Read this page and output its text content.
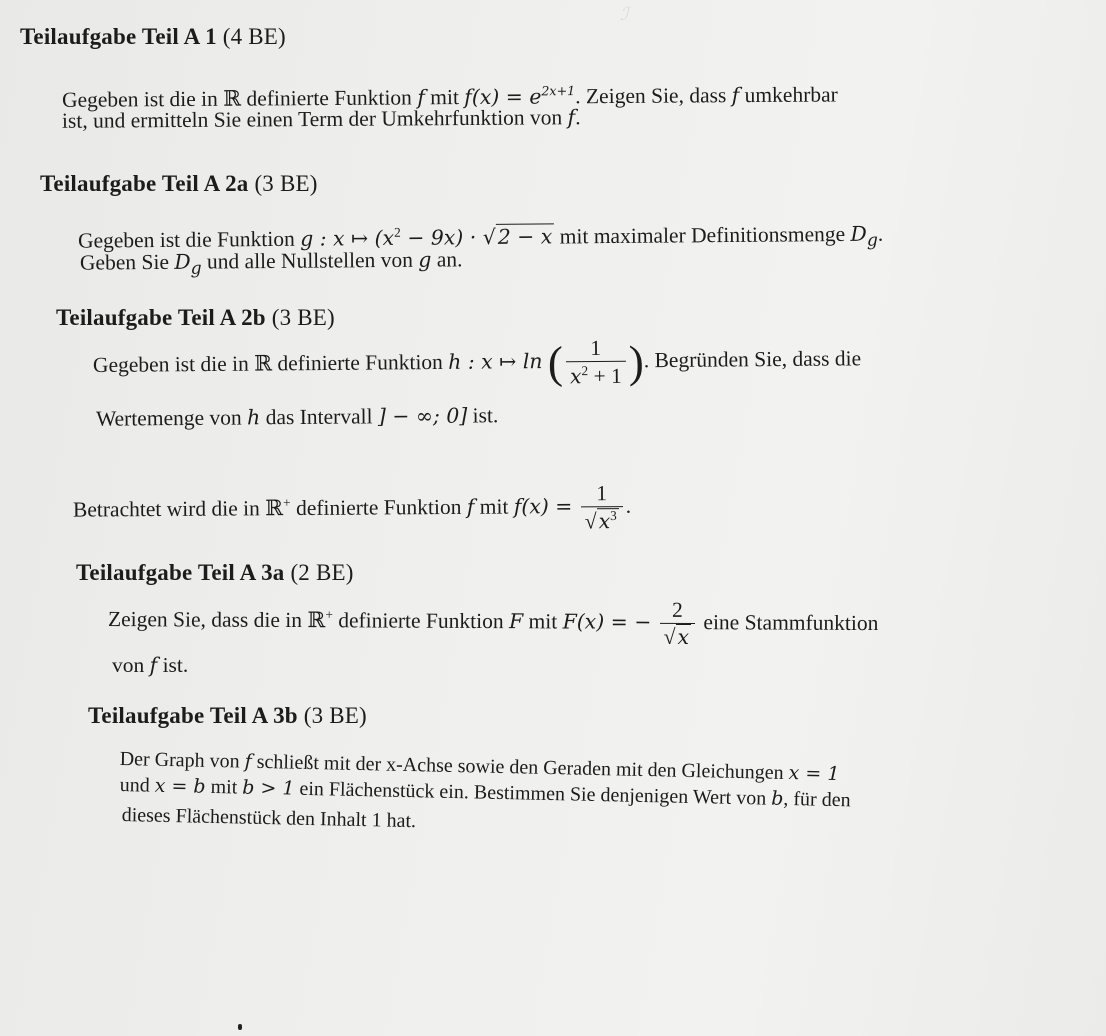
ℐ
Teilaufgabe Teil A 1 (4 BE)
Gegeben ist die in ℝ definierte Funktion f mit $f(x) = e^{2x+1}$. Zeigen Sie, dass f umkehrbar
ist, und ermitteln Sie einen Term der Umkehrfunktion von f.
Teilaufgabe Teil A 2a (3 BE)
Gegeben ist die Funktion g : x ↦ $(x^2 - 9x) \cdot √2 - x$ mit maximaler Definitionsmenge $D_g$.
Geben Sie $D_g$ und alle Nullstellen von g an.
Teilaufgabe Teil A 2b (3 BE)
Gegeben ist die in ℝ definierte Funktion h : x ↦ ln ( $\frac{1}{x^2 + 1}$ ). Begründen Sie, dass die
Wertemenge von h das Intervall ] − ∞; 0] ist.
Betrachtet wird die in ℝ+ definierte Funktion f mit $f(x) = \frac{1}{√x^3}$ .
Teilaufgabe Teil A 3a (2 BE)
Zeigen Sie, dass die in ℝ+ definierte Funktion F mit F(x) = − $\frac{2}{√x}$ eine Stammfunktion
von f ist.
Teilaufgabe Teil A 3b (3 BE)
Der Graph von f schließt mit der x-Achse sowie den Geraden mit den Gleichungen x = 1
und x = b mit b > 1 ein Flächenstück ein. Bestimmen Sie denjenigen Wert von b, für den
dieses Flächenstück den Inhalt 1 hat.
